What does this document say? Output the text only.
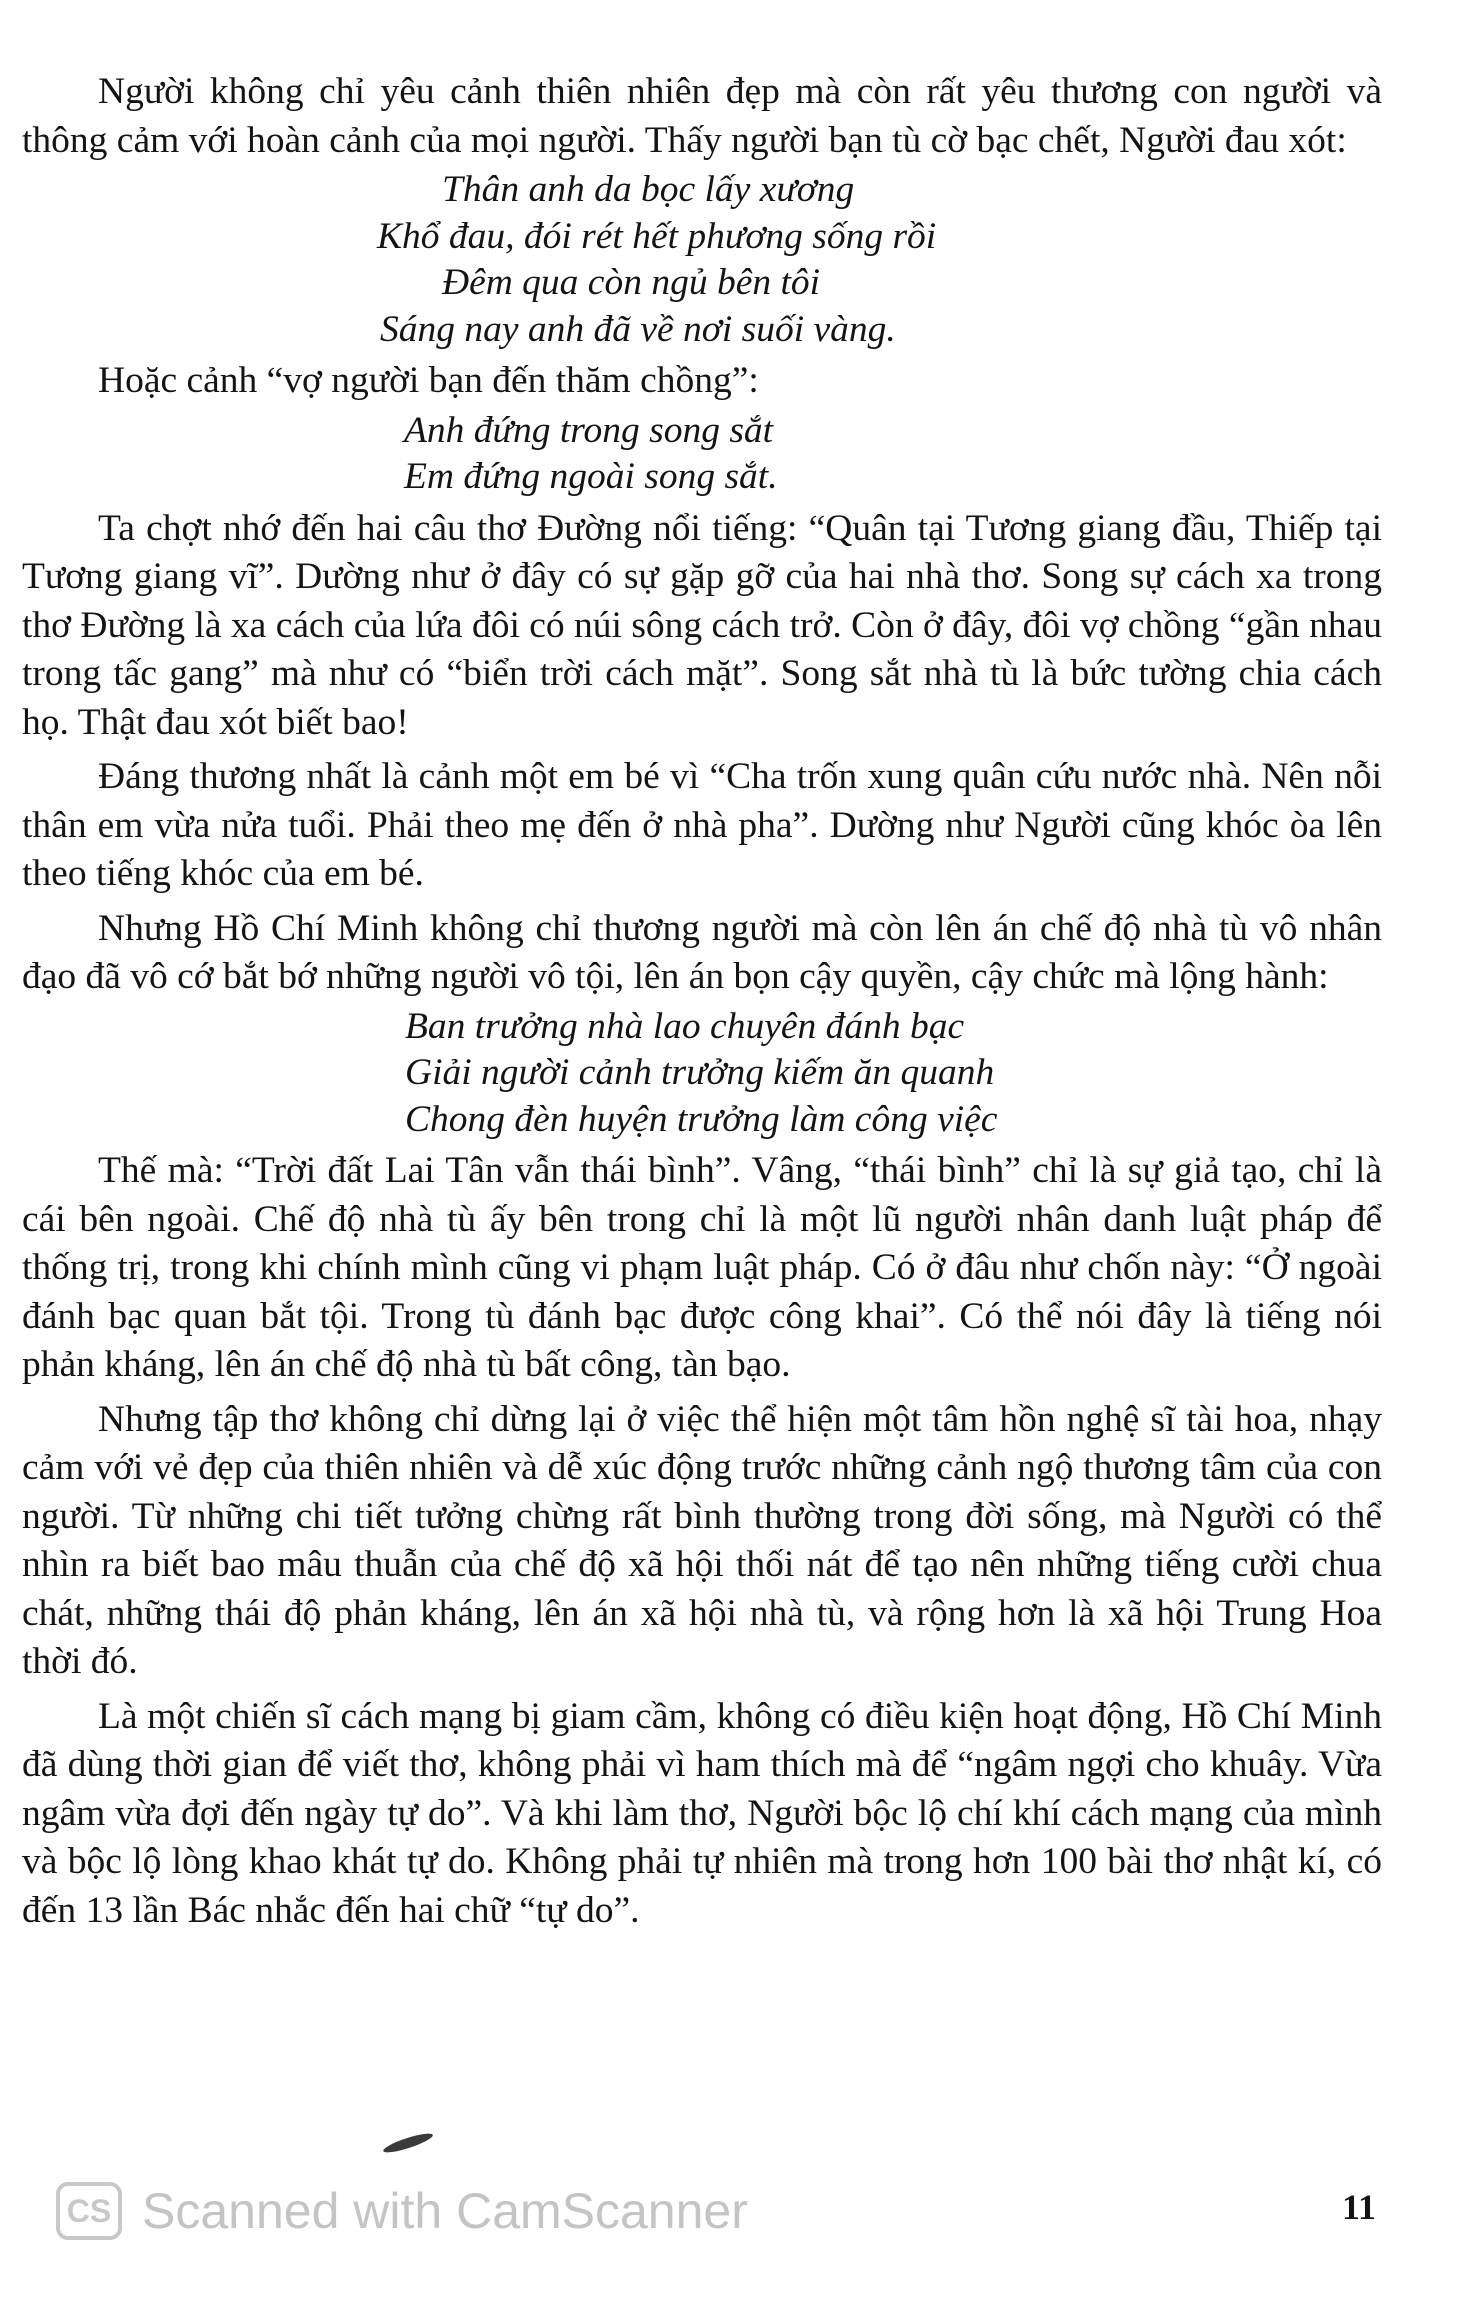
Người không chỉ yêu cảnh thiên nhiên đẹp mà còn rất yêu thương con người và thông cảm với hoàn cảnh của mọi người. Thấy người bạn tù cờ bạc chết, Người đau xót:

Thân anh da bọc lấy xương
Khổ đau, đói rét hết phương sống rồi
Đêm qua còn ngủ bên tôi
Sáng nay anh đã về nơi suối vàng.

Hoặc cảnh “vợ người bạn đến thăm chồng”:

Anh đứng trong song sắt
Em đứng ngoài song sắt.

Ta chợt nhớ đến hai câu thơ Đường nổi tiếng: “Quân tại Tương giang đầu, Thiếp tại Tương giang vĩ”. Dường như ở đây có sự gặp gỡ của hai nhà thơ. Song sự cách xa trong thơ Đường là xa cách của lứa đôi có núi sông cách trở. Còn ở đây, đôi vợ chồng “gần nhau trong tấc gang” mà như có “biển trời cách mặt”. Song sắt nhà tù là bức tường chia cách họ. Thật đau xót biết bao!

Đáng thương nhất là cảnh một em bé vì “Cha trốn xung quân cứu nước nhà. Nên nỗi thân em vừa nửa tuổi. Phải theo mẹ đến ở nhà pha”. Dường như Người cũng khóc òa lên theo tiếng khóc của em bé.

Nhưng Hồ Chí Minh không chỉ thương người mà còn lên án chế độ nhà tù vô nhân đạo đã vô cớ bắt bớ những người vô tội, lên án bọn cậy quyền, cậy chức mà lộng hành:

Ban trưởng nhà lao chuyên đánh bạc
Giải người cảnh trưởng kiếm ăn quanh
Chong đèn huyện trưởng làm công việc

Thế mà: “Trời đất Lai Tân vẫn thái bình”. Vâng, “thái bình” chỉ là sự giả tạo, chỉ là cái bên ngoài. Chế độ nhà tù ấy bên trong chỉ là một lũ người nhân danh luật pháp để thống trị, trong khi chính mình cũng vi phạm luật pháp. Có ở đâu như chốn này: “Ở ngoài đánh bạc quan bắt tội. Trong tù đánh bạc được công khai”. Có thể nói đây là tiếng nói phản kháng, lên án chế độ nhà tù bất công, tàn bạo.

Nhưng tập thơ không chỉ dừng lại ở việc thể hiện một tâm hồn nghệ sĩ tài hoa, nhạy cảm với vẻ đẹp của thiên nhiên và dễ xúc động trước những cảnh ngộ thương tâm của con người. Từ những chi tiết tưởng chừng rất bình thường trong đời sống, mà Người có thể nhìn ra biết bao mâu thuẫn của chế độ xã hội thối nát để tạo nên những tiếng cười chua chát, những thái độ phản kháng, lên án xã hội nhà tù, và rộng hơn là xã hội Trung Hoa thời đó.

Là một chiến sĩ cách mạng bị giam cầm, không có điều kiện hoạt động, Hồ Chí Minh đã dùng thời gian để viết thơ, không phải vì ham thích mà để “ngâm ngợi cho khuây. Vừa ngâm vừa đợi đến ngày tự do”. Và khi làm thơ, Người bộc lộ chí khí cách mạng của mình và bộc lộ lòng khao khát tự do. Không phải tự nhiên mà trong hơn 100 bài thơ nhật kí, có đến 13 lần Bác nhắc đến hai chữ “tự do”.

CS Scanned with CamScanner	11
